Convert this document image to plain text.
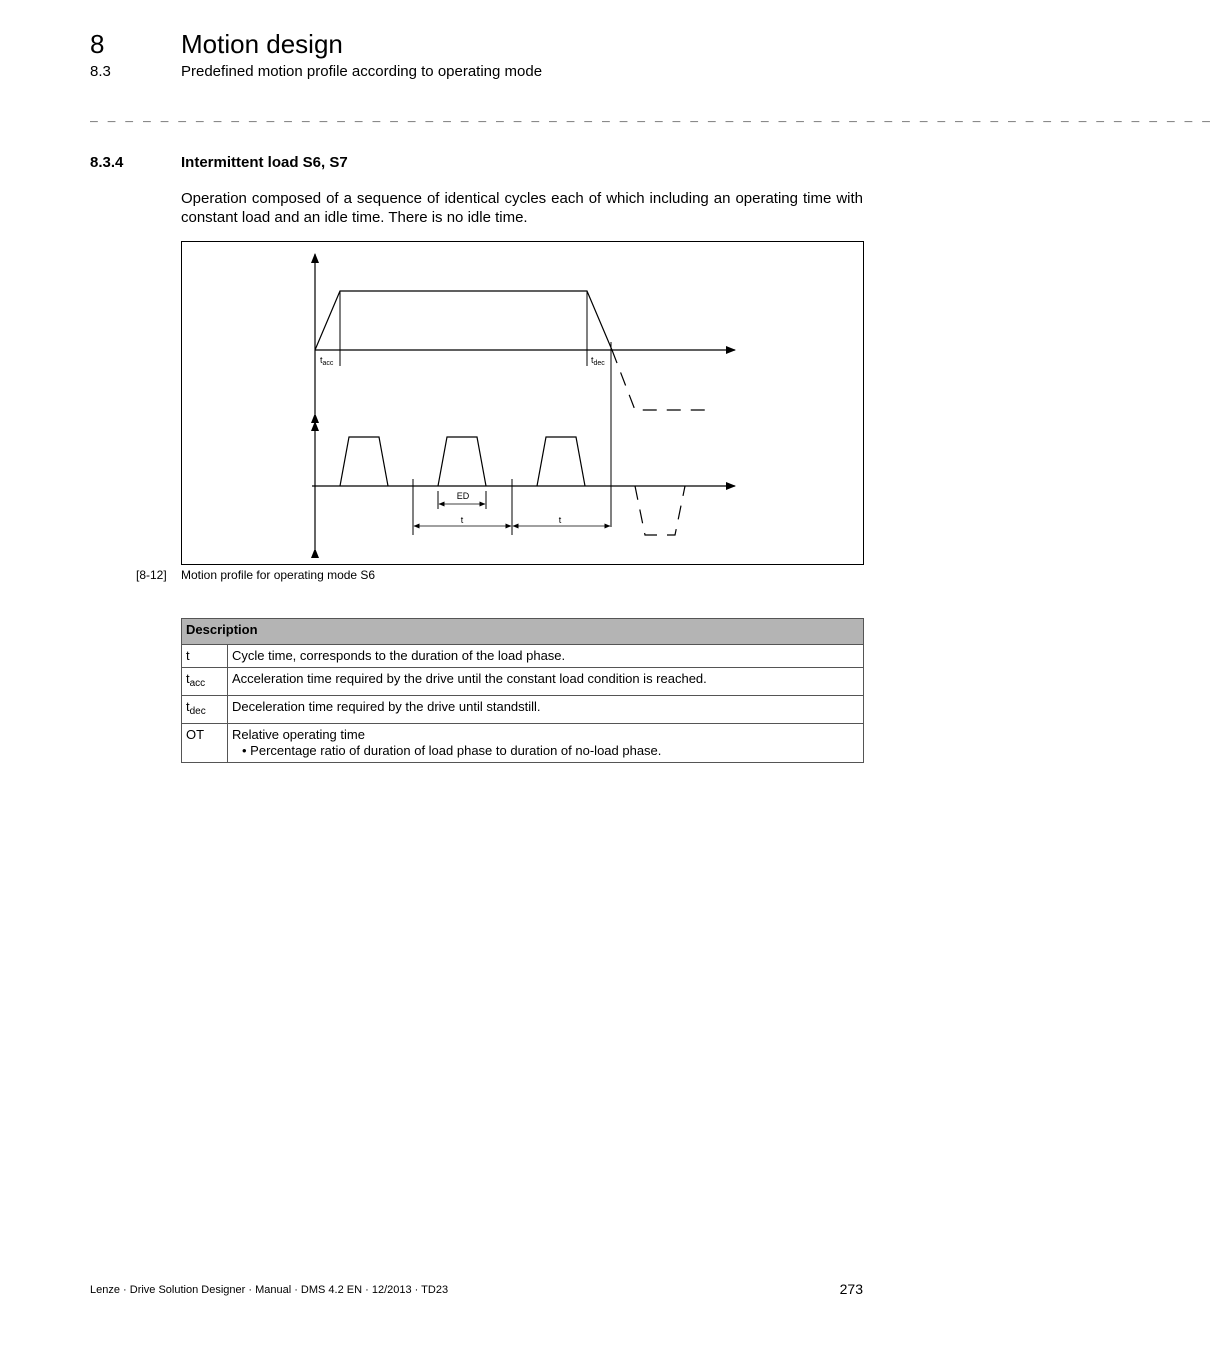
8	Motion design
8.3	Predefined motion profile according to operating mode
_ _ _ _ _ _ _ _ _ _ _ _ _ _ _ _ _ _ _ _ _ _ _ _ _ _ _ _ _ _ _ _ _ _ _ _ _ _ _ _ _ _ _ _ _ _ _ _ _ _ _ _ _ _ _ _ _ _ _ _ _ _ _ _
8.3.4	Intermittent load S6, S7
Operation composed of a sequence of identical cycles each of which including an operating time with constant load and an idle time. There is no idle time.
$t_{acc}$	$t_{dec}$
ED
t	t
[8-12] Motion profile for operating mode S6
Description	
t	Cycle time, corresponds to the duration of the load phase.
$t_{acc}$	Acceleration time required by the drive until the constant load condition is reached.
$t_{dec}$	Deceleration time required by the drive until standstill.
OT	Relative operating time
• Percentage ratio of duration of load phase to duration of no-load phase.
Lenze · Drive Solution Designer · Manual · DMS 4.2 EN · 12/2013 · TD23	273
